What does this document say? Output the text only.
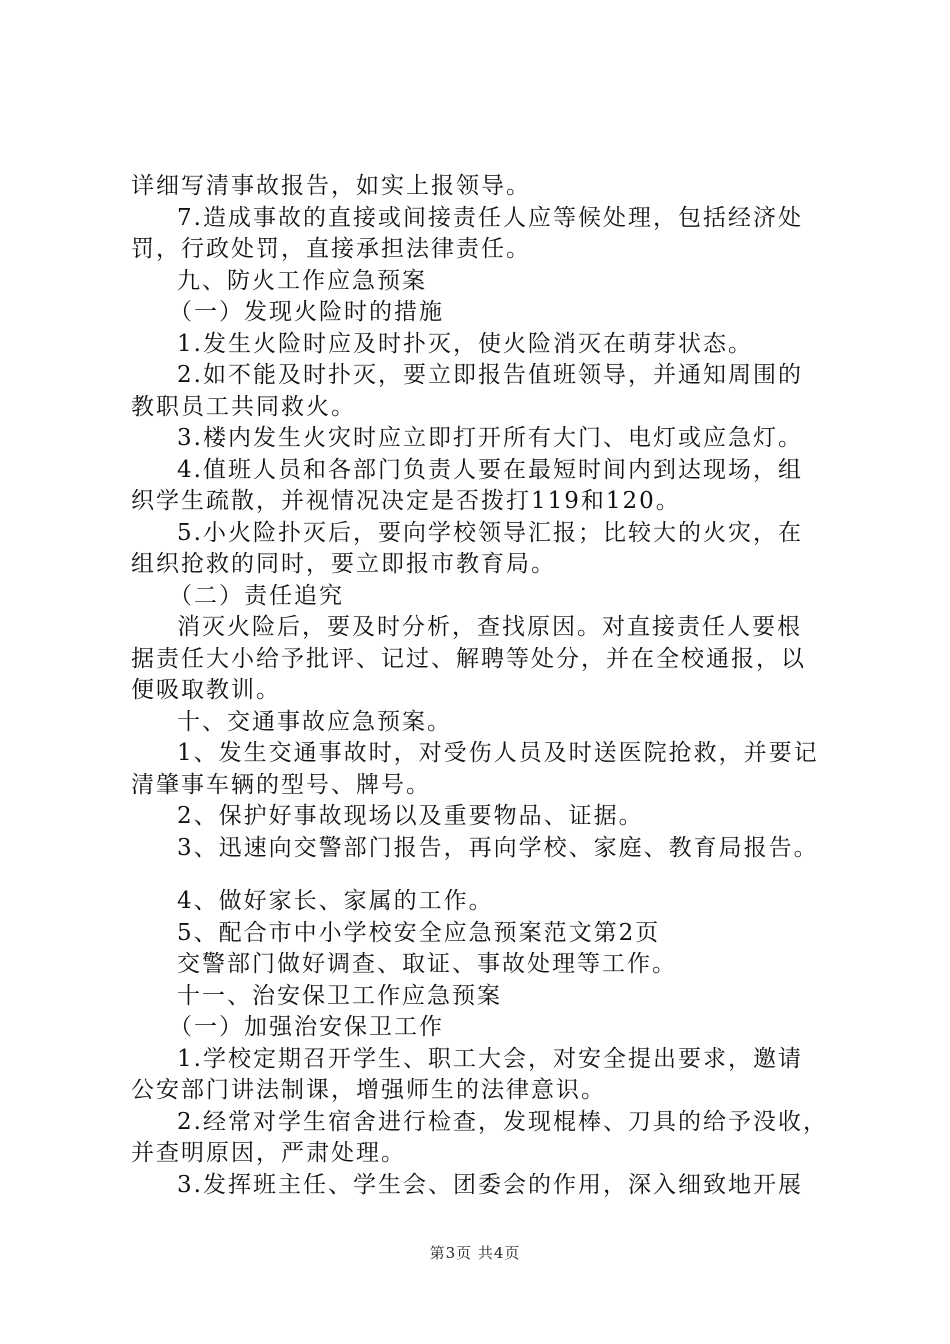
详细写清事故报告，如实上报领导。
7.造成事故的直接或间接责任人应等候处理，包括经济处
罚，行政处罚，直接承担法律责任。
九、防火工作应急预案
（一）发现火险时的措施
1.发生火险时应及时扑灭，使火险消灭在萌芽状态。
2.如不能及时扑灭，要立即报告值班领导，并通知周围的
教职员工共同救火。
3.楼内发生火灾时应立即打开所有大门、电灯或应急灯。
4.值班人员和各部门负责人要在最短时间内到达现场，组
织学生疏散，并视情况决定是否拨打119和120。
5.小火险扑灭后，要向学校领导汇报；比较大的火灾，在
组织抢救的同时，要立即报市教育局。
（二）责任追究
消灭火险后，要及时分析，查找原因。对直接责任人要根
据责任大小给予批评、记过、解聘等处分，并在全校通报，以
便吸取教训。
十、交通事故应急预案。
1、发生交通事故时，对受伤人员及时送医院抢救，并要记
清肇事车辆的型号、牌号。
2、保护好事故现场以及重要物品、证据。
3、迅速向交警部门报告，再向学校、家庭、教育局报告。
4、做好家长、家属的工作。
5、配合市中小学校安全应急预案范文第2页
交警部门做好调查、取证、事故处理等工作。
十一、治安保卫工作应急预案
（一）加强治安保卫工作
1.学校定期召开学生、职工大会，对安全提出要求，邀请
公安部门讲法制课，增强师生的法律意识。
2.经常对学生宿舍进行检查，发现棍棒、刀具的给予没收，
并查明原因，严肃处理。
3.发挥班主任、学生会、团委会的作用，深入细致地开展
第3页 共4页
